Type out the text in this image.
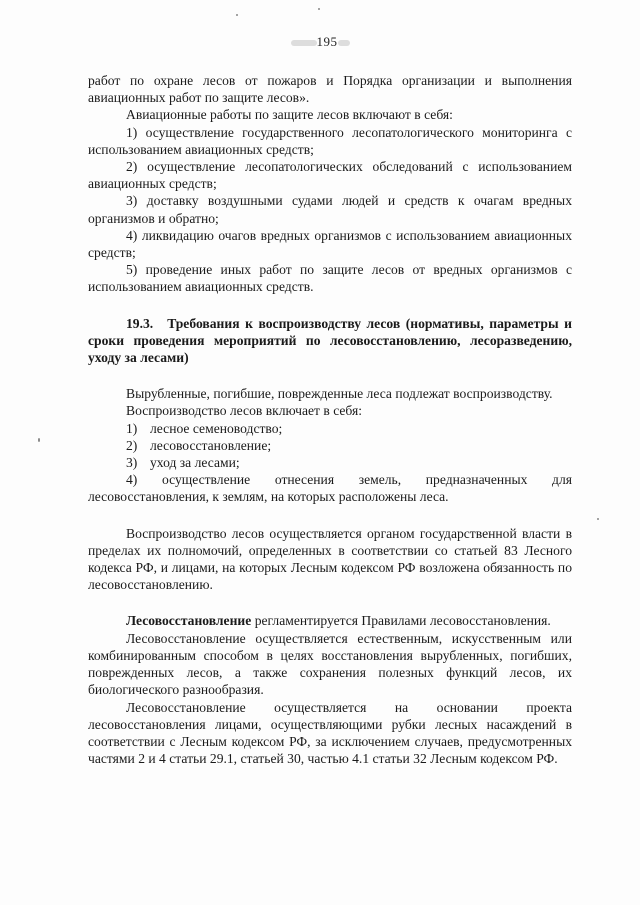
195

работ по охране лесов от пожаров и Порядка организации и выполнения авиационных работ по защите лесов».

Авиационные работы по защите лесов включают в себя:

1) осуществление государственного лесопатологического мониторинга с использованием авиационных средств;

2) осуществление лесопатологических обследований с использованием авиационных средств;

3) доставку воздушными судами людей и средств к очагам вредных организмов и обратно;

4) ликвидацию очагов вредных организмов с использованием авиационных средств;

5) проведение иных работ по защите лесов от вредных организмов с использованием авиационных средств.

19.3. Требования к воспроизводству лесов (нормативы, параметры и сроки проведения мероприятий по лесовосстановлению, лесоразведению, уходу за лесами)

Вырубленные, погибшие, поврежденные леса подлежат воспроизводству.

Воспроизводство лесов включает в себя:

1) лесное семеноводство;

2) лесовосстановление;

3) уход за лесами;

4) осуществление отнесения земель, предназначенных для лесовосстановления, к землям, на которых расположены леса.

Воспроизводство лесов осуществляется органом государственной власти в пределах их полномочий, определенных в соответствии со статьей 83 Лесного кодекса РФ, и лицами, на которых Лесным кодексом РФ возложена обязанность по лесовосстановлению.

Лесовосстановление регламентируется Правилами лесовосстановления.

Лесовосстановление осуществляется естественным, искусственным или комбинированным способом в целях восстановления вырубленных, погибших, поврежденных лесов, а также сохранения полезных функций лесов, их биологического разнообразия.

Лесовосстановление осуществляется на основании проекта лесовосстановления лицами, осуществляющими рубки лесных насаждений в соответствии с Лесным кодексом РФ, за исключением случаев, предусмотренных частями 2 и 4 статьи 29.1, статьей 30, частью 4.1 статьи 32 Лесным кодексом РФ.
